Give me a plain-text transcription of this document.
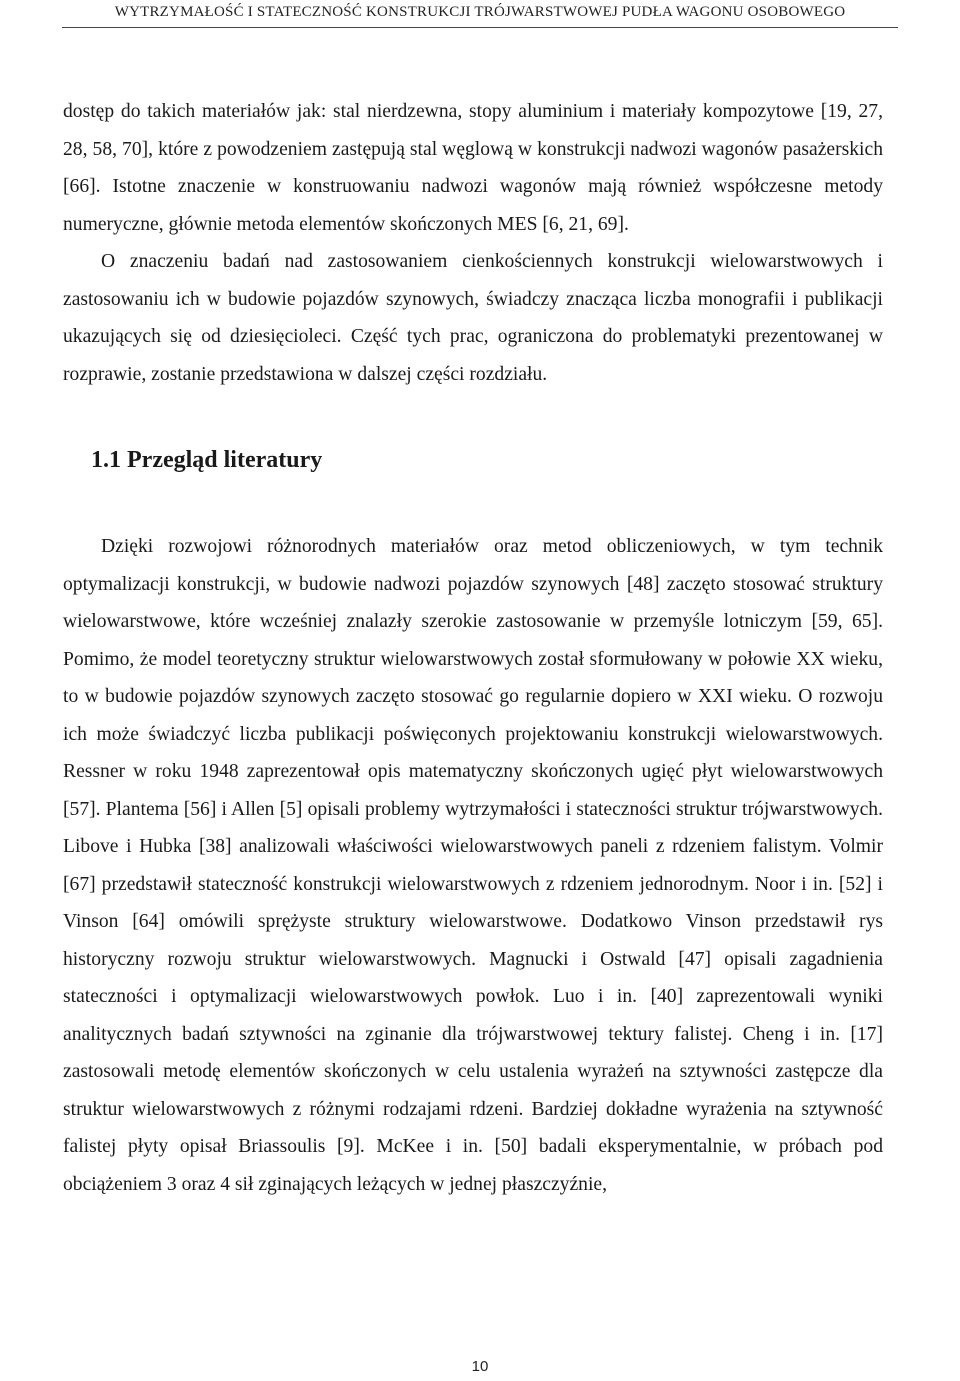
WYTRZYMAŁOŚĆ I STATECZNOŚĆ KONSTRUKCJI TRÓJWARSTWOWEJ PUDŁA WAGONU OSOBOWEGO

dostęp do takich materiałów jak: stal nierdzewna, stopy aluminium i materiały kompozytowe [19, 27, 28, 58, 70], które z powodzeniem zastępują stal węglową w konstrukcji nadwozi wagonów pasażerskich [66]. Istotne znaczenie w konstruowaniu nadwozi wagonów mają również współczesne metody numeryczne, głównie metoda elementów skończonych MES [6, 21, 69].

O znaczeniu badań nad zastosowaniem cienkościennych konstrukcji wielowarstwowych i zastosowaniu ich w budowie pojazdów szynowych, świadczy znacząca liczba monografii i publikacji ukazujących się od dziesięcioleci. Część tych prac, ograniczona do problematyki prezentowanej w rozprawie, zostanie przedstawiona w dalszej części rozdziału.

1.1 Przegląd literatury

Dzięki rozwojowi różnorodnych materiałów oraz metod obliczeniowych, w tym technik optymalizacji konstrukcji, w budowie nadwozi pojazdów szynowych [48] zaczęto stosować struktury wielowarstwowe, które wcześniej znalazły szerokie zastosowanie w przemyśle lotniczym [59, 65]. Pomimo, że model teoretyczny struktur wielowarstwowych został sformułowany w połowie XX wieku, to w budowie pojazdów szynowych zaczęto stosować go regularnie dopiero w XXI wieku. O rozwoju ich może świadczyć liczba publikacji poświęconych projektowaniu konstrukcji wielowarstwowych. Ressner w roku 1948 zaprezentował opis matematyczny skończonych ugięć płyt wielowarstwowych [57]. Plantema [56] i Allen [5] opisali problemy wytrzymałości i stateczności struktur trójwarstwowych. Libove i Hubka [38] analizowali właściwości wielowarstwowych paneli z rdzeniem falistym. Volmir [67] przedstawił stateczność konstrukcji wielowarstwowych z rdzeniem jednorodnym. Noor i in. [52] i Vinson [64] omówili sprężyste struktury wielowarstwowe. Dodatkowo Vinson przedstawił rys historyczny rozwoju struktur wielowarstwowych. Magnucki i Ostwald [47] opisali zagadnienia stateczności i optymalizacji wielowarstwowych powłok. Luo i in. [40] zaprezentowali wyniki analitycznych badań sztywności na zginanie dla trójwarstwowej tektury falistej. Cheng i in. [17] zastosowali metodę elementów skończonych w celu ustalenia wyrażeń na sztywności zastępcze dla struktur wielowarstwowych z różnymi rodzajami rdzeni. Bardziej dokładne wyrażenia na sztywność falistej płyty opisał Briassoulis [9]. McKee i in. [50] badali eksperymentalnie, w próbach pod obciążeniem 3 oraz 4 sił zginających leżących w jednej płaszczyźnie,

10
